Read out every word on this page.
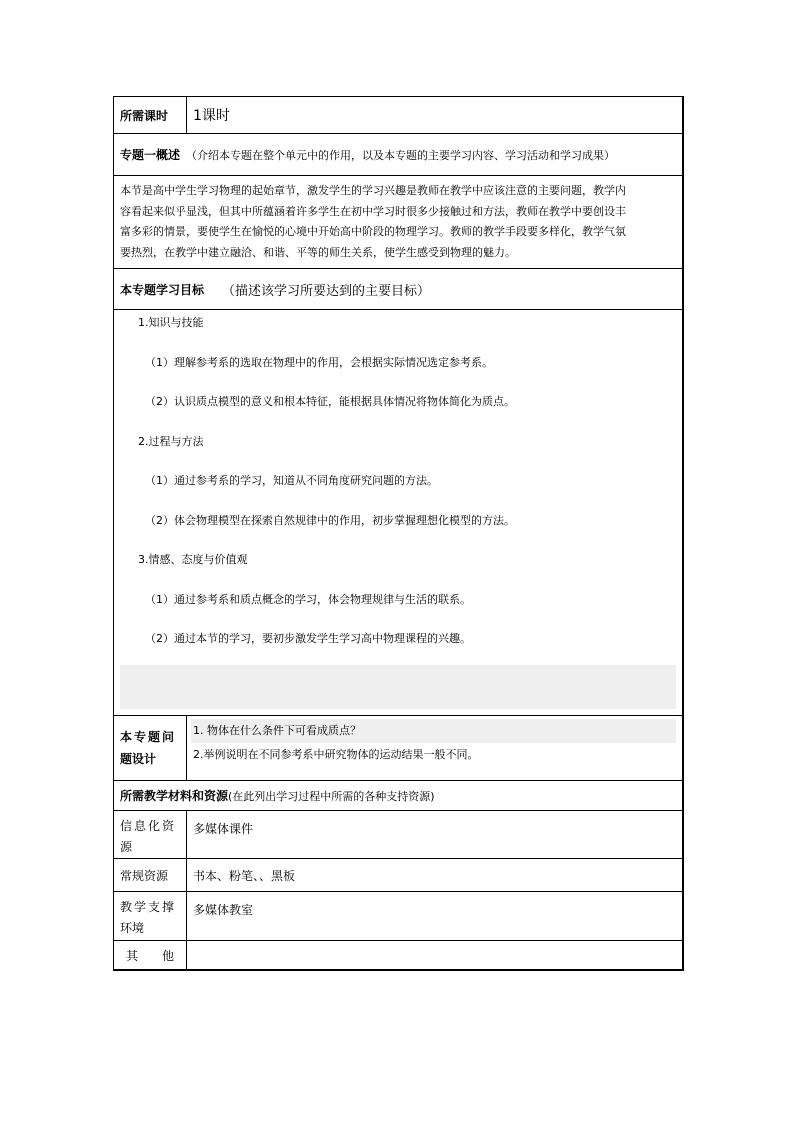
所需课时 1课时
专题一概述 （介绍本专题在整个单元中的作用，以及本专题的主要学习内容、学习活动和学习成果）
本节是高中学生学习物理的起始章节，激发学生的学习兴趣是教师在教学中应该注意的主要问题，教学内
容看起来似乎显浅，但其中所蕴涵着许多学生在初中学习时很多少接触过和方法，教师在教学中要创设丰
富多彩的情景，要使学生在愉悦的心境中开始高中阶段的物理学习。教师的教学手段要多样化，教学气氛
要热烈，在教学中建立融洽、和谐、平等的师生关系，使学生感受到物理的魅力。
本专题学习目标 （描述该学习所要达到的主要目标）
1.知识与技能
（1）理解参考系的选取在物理中的作用，会根据实际情况选定参考系。
（2）认识质点模型的意义和根本特征，能根据具体情况将物体简化为质点。
2.过程与方法
（1）通过参考系的学习，知道从不同角度研究问题的方法。
（2）体会物理模型在探索自然规律中的作用，初步掌握理想化模型的方法。
3.情感、态度与价值观
（1）通过参考系和质点概念的学习，体会物理规律与生活的联系。
（2）通过本节的学习，要初步激发学生学习高中物理课程的兴趣。
本专题问
题设计
1. 物体在什么条件下可看成质点？
2.举例说明在不同参考系中研究物体的运动结果一般不同。
所需教学材料和资源 (在此列出学习过程中所需的各种支持资源)
信息化资
源
多媒体课件
常规资源 书本、粉笔、、黑板
教学支撑
环境
多媒体教室
其　　他
